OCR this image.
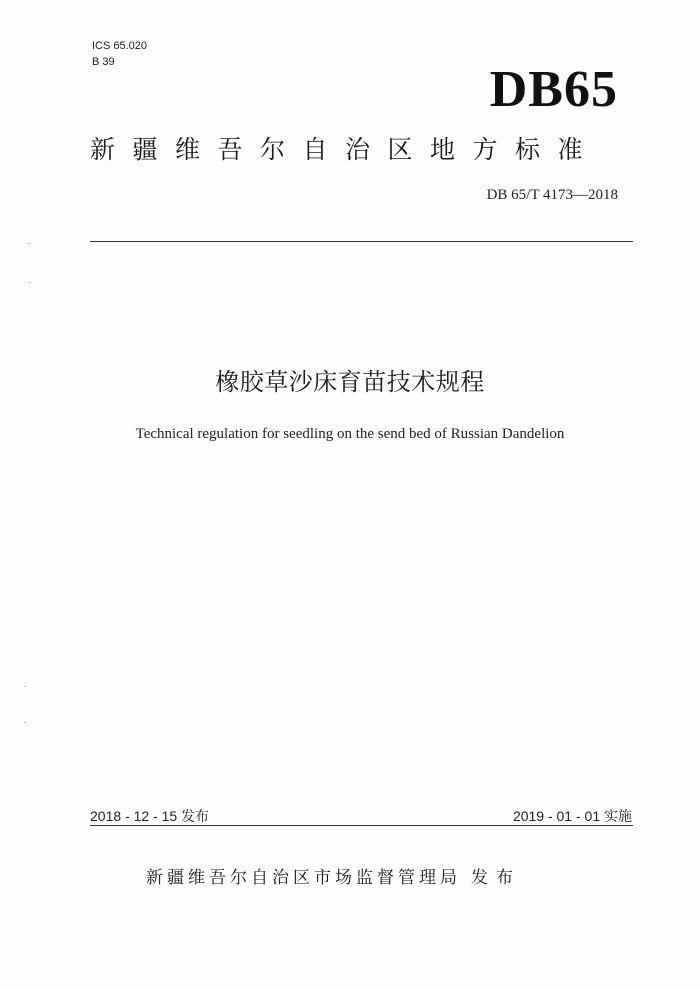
ICS 65.020
B 39	DB65
新疆维吾尔自治区地方标准
DB 65/T 4173—2018
橡胶草沙床育苗技术规程
Technical regulation for seedling on the send bed of Russian Dandelion
2018 - 12 - 15 发布	2019 - 01 - 01 实施
新疆维吾尔自治区市场监督管理局 发布
